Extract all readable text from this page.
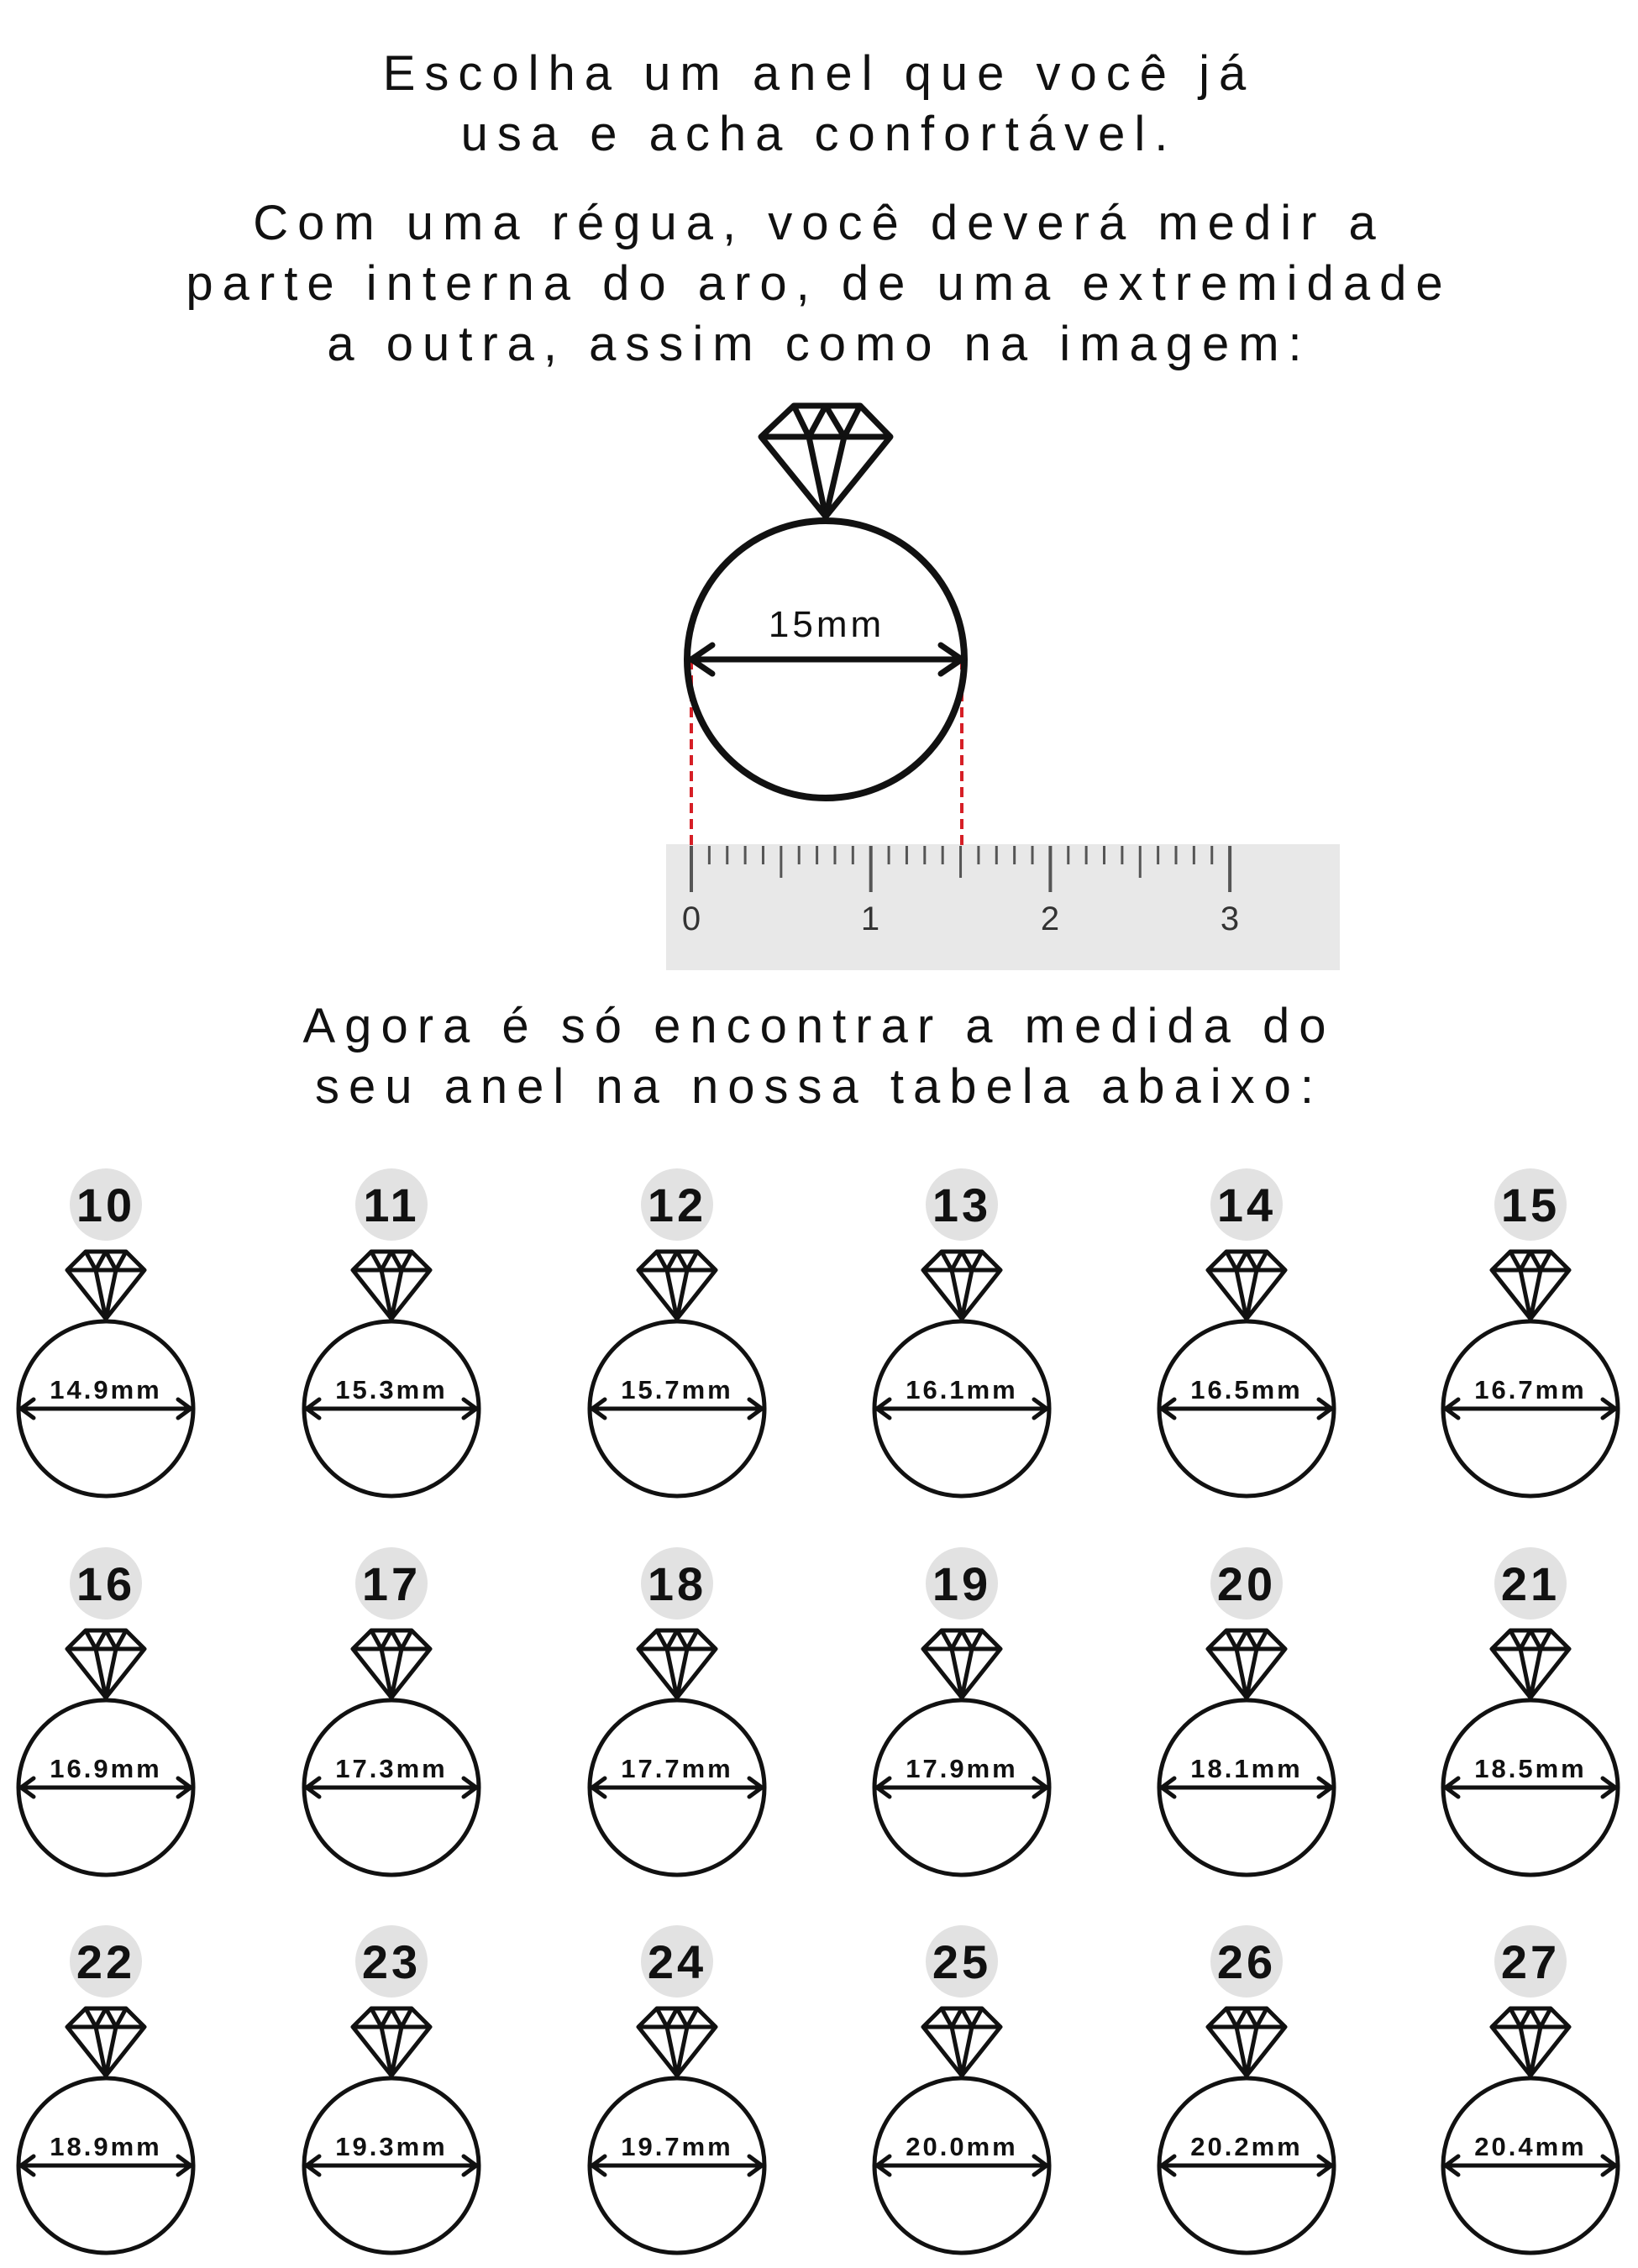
Escolha um anel que você já

usa e acha confortável.

Com uma régua, você deverá medir a

parte interna do aro, de uma extremidade

a outra, assim como na imagem:

0	1	2	3
15mm

Agora é só encontrar a medida do

seu anel na nossa tabela abaixo:

10
14.9mm
11
15.3mm
12
15.7mm
13
16.1mm
14
16.5mm
15
16.7mm
16
16.9mm
17
17.3mm
18
17.7mm
19
17.9mm
20
18.1mm
21
18.5mm
22
18.9mm
23
19.3mm
24
19.7mm
25
20.0mm
26
20.2mm
27
20.4mm
